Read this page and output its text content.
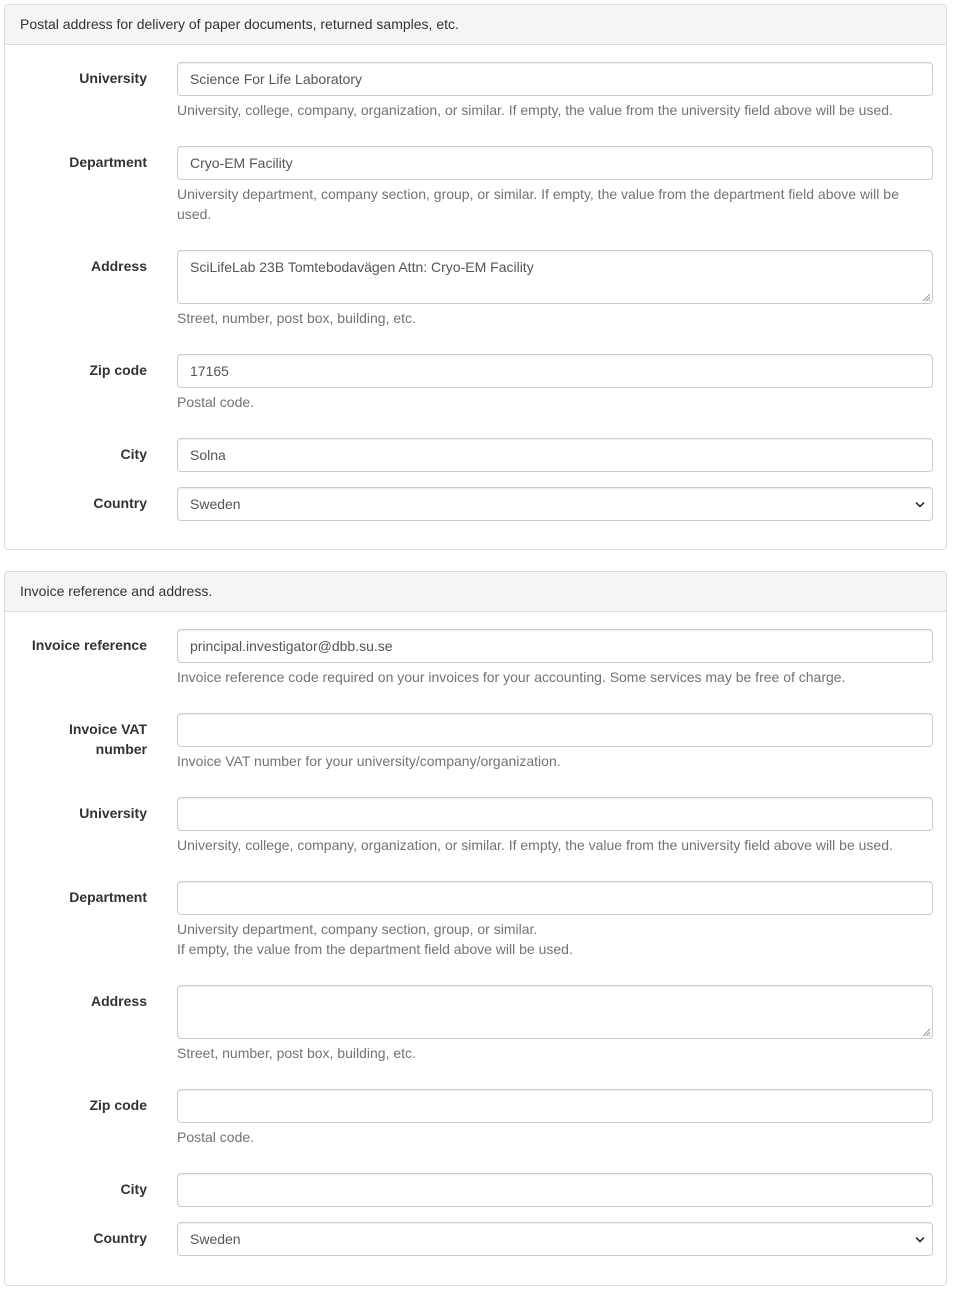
Postal address for delivery of paper documents, returned samples, etc.
University	Science For Life Laboratory
University, college, company, organization, or similar. If empty, the value from the university field above will be used.
Department	Cryo-EM Facility
University department, company section, group, or similar. If empty, the value from the department field above will be used.
Address	SciLifeLab 23B Tomtebodavägen Attn: Cryo-EM Facility
Street, number, post box, building, etc.
Zip code	17165
Postal code.
City	Solna
Country	Sweden
Invoice reference and address.
Invoice reference	principal.investigator@dbb.su.se
Invoice reference code required on your invoices for your accounting. Some services may be free of charge.
Invoice VAT number
Invoice VAT number for your university/company/organization.
University
University, college, company, organization, or similar. If empty, the value from the university field above will be used.
Department
University department, company section, group, or similar.
If empty, the value from the department field above will be used.
Address
Street, number, post box, building, etc.
Zip code
Postal code.
City
Country	Sweden
